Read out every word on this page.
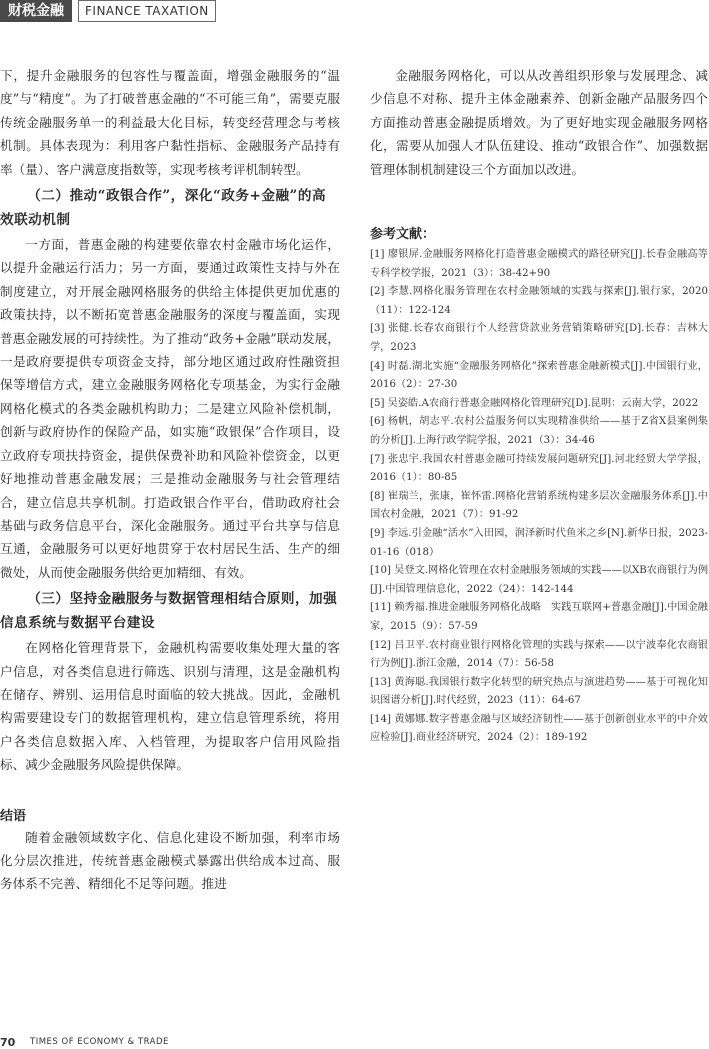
财税金融	FINANCE TAXATION

下，提升金融服务的包容性与覆盖面，增强金融服务的“温度”与“精度”。为了打破普惠金融的“不可能三角”，需要克服传统金融服务单一的利益最大化目标，转变经营理念与考核机制。具体表现为：利用客户黏性指标、金融服务产品持有率（量）、客户满意度指数等，实现考核考评机制转型。

（二）推动“政银合作”，深化“政务+金融”的高效联动机制

一方面，普惠金融的构建要依靠农村金融市场化运作，以提升金融运行活力；另一方面，要通过政策性支持与外在制度建立，对开展金融网格服务的供给主体提供更加优惠的政策扶持，以不断拓宽普惠金融服务的深度与覆盖面，实现普惠金融发展的可持续性。为了推动“政务+金融”联动发展，一是政府要提供专项资金支持，部分地区通过政府性融资担保等增信方式，建立金融服务网格化专项基金，为实行金融网格化模式的各类金融机构助力；二是建立风险补偿机制，创新与政府协作的保险产品，如实施“政银保”合作项目，设立政府专项扶持资金，提供保费补助和风险补偿资金，以更好地推动普惠金融发展；三是推动金融服务与社会管理结合，建立信息共享机制。打造政银合作平台，借助政府社会基础与政务信息平台，深化金融服务。通过平台共享与信息互通，金融服务可以更好地贯穿于农村居民生活、生产的细微处，从而使金融服务供给更加精细、有效。

（三）坚持金融服务与数据管理相结合原则，加强信息系统与数据平台建设

在网格化管理背景下，金融机构需要收集处理大量的客户信息，对各类信息进行筛选、识别与清理，这是金融机构在储存、辨别、运用信息时面临的较大挑战。因此，金融机构需要建设专门的数据管理机构，建立信息管理系统，将用户各类信息数据入库、入档管理，为提取客户信用风险指标、减少金融服务风险提供保障。

结语

随着金融领域数字化、信息化建设不断加强，利率市场化分层次推进，传统普惠金融模式暴露出供给成本过高、服务体系不完善、精细化不足等问题。推进

金融服务网格化，可以从改善组织形象与发展理念、减少信息不对称、提升主体金融素养、创新金融产品服务四个方面推动普惠金融提质增效。为了更好地实现金融服务网格化，需要从加强人才队伍建设、推动“政银合作”、加强数据管理体制机制建设三个方面加以改进。

参考文献：

[1] 廖银屏.金融服务网格化打造普惠金融模式的路径研究[J].长春金融高等专科学校学报，2021（3）：38-42+90

[2] 李慧.网格化服务管理在农村金融领域的实践与探索[J].银行家，2020（11）：122-124

[3] 张健.长春农商银行个人经营贷款业务营销策略研究[D].长春：吉林大学，2023

[4] 时磊.湖北实施“金融服务网格化”探索普惠金融新模式[J].中国银行业，2016（2）：27-30

[5] 吴姿皓.A农商行普惠金融网格化管理研究[D].昆明：云南大学，2022

[6] 杨帆，胡志平.农村公益服务何以实现精准供给——基于Z省X县案例集的分析[J].上海行政学院学报，2021（3）：34-46

[7] 张忠宇.我国农村普惠金融可持续发展问题研究[J].河北经贸大学学报，2016（1）：80-85

[8] 崔瑞兰，张康，崔怀雷.网格化营销系统构建多层次金融服务体系[J].中国农村金融，2021（7）：91-92

[9] 李远.引金融“活水”入田园，润泽新时代鱼米之乡[N].新华日报，2023-01-16（018）

[10] 吴登文.网格化管理在农村金融服务领域的实践——以XB农商银行为例[J].中国管理信息化，2022（24）：142-144

[11] 赖秀福.推进金融服务网格化战略　实践互联网+普惠金融[J].中国金融家，2015（9）：57-59

[12] 吕卫平.农村商业银行网格化管理的实践与探索——以宁波奉化农商银行为例[J].浙江金融，2014（7）：56-58

[13] 黄海聪.我国银行数字化转型的研究热点与演进趋势——基于可视化知识图谱分析[J].时代经贸，2023（11）：64-67

[14] 黄娜娜.数字普惠金融与区域经济韧性——基于创新创业水平的中介效应检验[J].商业经济研究，2024（2）：189-192

70 TIMES OF ECONOMY & TRADE
